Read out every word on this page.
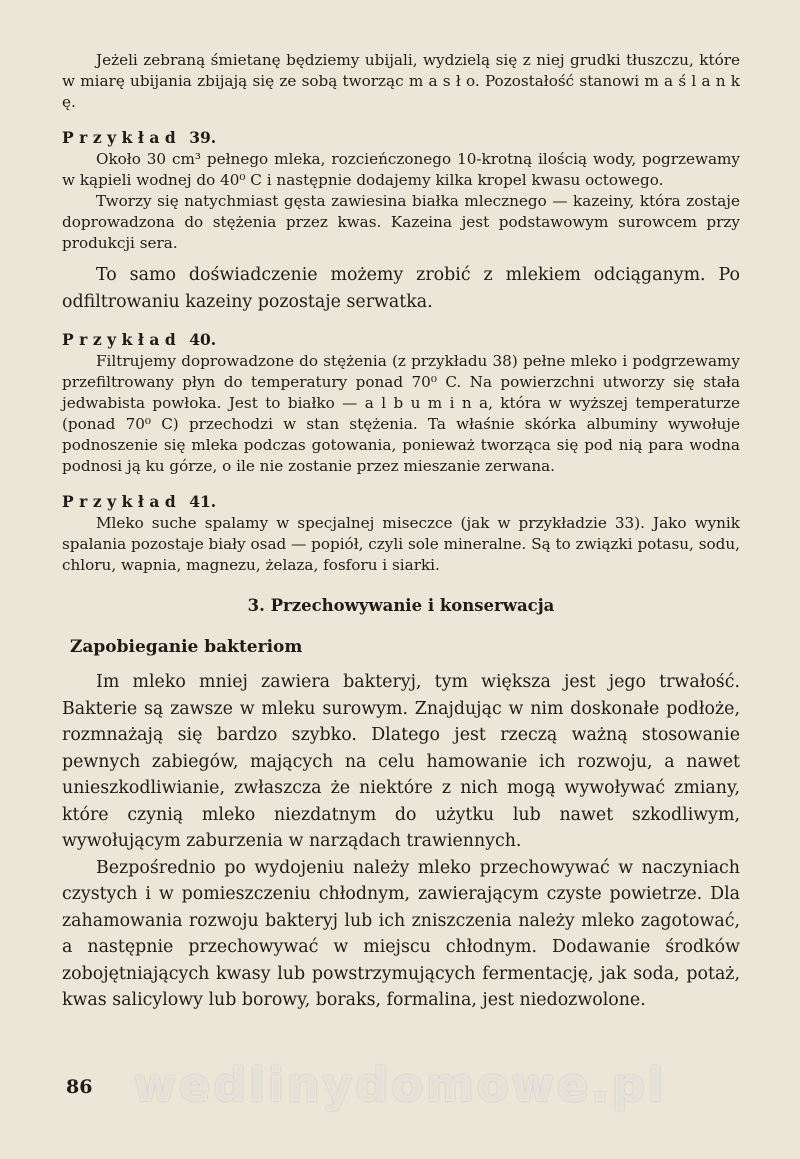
Jeżeli zebraną śmietanę będziemy ubijali, wydzielą się z niej grudki tłuszczu, które w miarę ubijania zbijają się ze sobą tworząc m a s ł o. Pozostałość stanowi m a ś l a n k ę.

Przykład 39.

Około 30 cm³ pełnego mleka, rozcieńczonego 10-krotną ilością wody, pogrzewamy w kąpieli wodnej do 40⁰ C i następnie dodajemy kilka kropel kwasu octowego.

Tworzy się natychmiast gęsta zawiesina białka mlecznego — kazeiny, która zostaje doprowadzona do stężenia przez kwas. Kazeina jest podstawowym surowcem przy produkcji sera.

To samo doświadczenie możemy zrobić z mlekiem odciąganym. Po odfiltrowaniu kazeiny pozostaje serwatka.

Przykład 40.

Filtrujemy doprowadzone do stężenia (z przykładu 38) pełne mleko i podgrzewamy przefiltrowany płyn do temperatury ponad 70⁰ C. Na powierzchni utworzy się stała jedwabista powłoka. Jest to białko — a l b u m i n a, która w wyższej temperaturze (ponad 70⁰ C) przechodzi w stan stężenia. Ta właśnie skórka albuminy wywołuje podnoszenie się mleka podczas gotowania, ponieważ tworząca się pod nią para wodna podnosi ją ku górze, o ile nie zostanie przez mieszanie zerwana.

Przykład 41.

Mleko suche spalamy w specjalnej miseczce (jak w przykładzie 33). Jako wynik spalania pozostaje biały osad — popiół, czyli sole mineralne. Są to związki potasu, sodu, chloru, wapnia, magnezu, żelaza, fosforu i siarki.

3. Przechowywanie i konserwacja
Zapobieganie bakteriom

Im mleko mniej zawiera bakteryj, tym większa jest jego trwałość. Bakterie są zawsze w mleku surowym. Znajdując w nim doskonałe podłoże, rozmnażają się bardzo szybko. Dlatego jest rzeczą ważną stosowanie pewnych zabiegów, mających na celu hamowanie ich rozwoju, a nawet unieszkodliwianie, zwłaszcza że niektóre z nich mogą wywoływać zmiany, które czynią mleko niezdatnym do użytku lub nawet szkodliwym, wywołującym zaburzenia w narządach trawiennych.

Bezpośrednio po wydojeniu należy mleko przechowywać w naczyniach czystych i w pomieszczeniu chłodnym, zawierającym czyste powietrze. Dla zahamowania rozwoju bakteryj lub ich zniszczenia należy mleko zagotować, a następnie przechowywać w miejscu chłodnym. Dodawanie środków zobojętniających kwasy lub powstrzymujących fermentację, jak soda, potaż, kwas salicylowy lub borowy, boraks, formalina, jest niedozwolone.

86 wedlinydomowe.pl
